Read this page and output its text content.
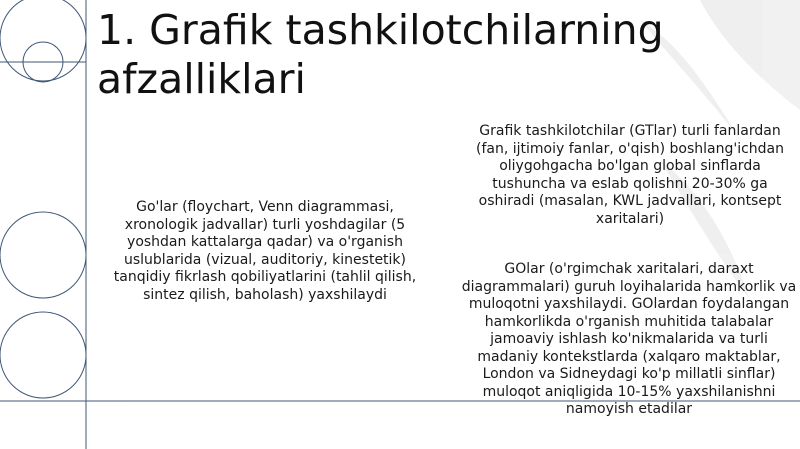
1. Grafik tashkilotchilarning afzalliklari

Go'lar (floychart, Venn diagrammasi, xronologik jadvallar) turli yoshdagilar (5 yoshdan kattalarga qadar) va o'rganish uslublarida (vizual, auditoriy, kinestetik) tanqidiy fikrlash qobiliyatlarini (tahlil qilish, sintez qilish, baholash) yaxshilaydi

Grafik tashkilotchilar (GTlar) turli fanlardan (fan, ijtimoiy fanlar, o'qish) boshlang'ichdan oliygohgacha bo'lgan global sinflarda tushuncha va eslab qolishni 20-30% ga oshiradi (masalan, KWL jadvallari, kontsept xaritalari)

GOlar (o'rgimchak xaritalari, daraxt diagrammalari) guruh loyihalarida hamkorlik va muloqotni yaxshilaydi. GOlardan foydalangan hamkorlikda o'rganish muhitida talabalar jamoaviy ishlash ko'nikmalarida va turli madaniy kontekstlarda (xalqaro maktablar, London va Sidneydagi ko'p millatli sinflar) muloqot aniqligida 10-15% yaxshilanishni namoyish etadilar
